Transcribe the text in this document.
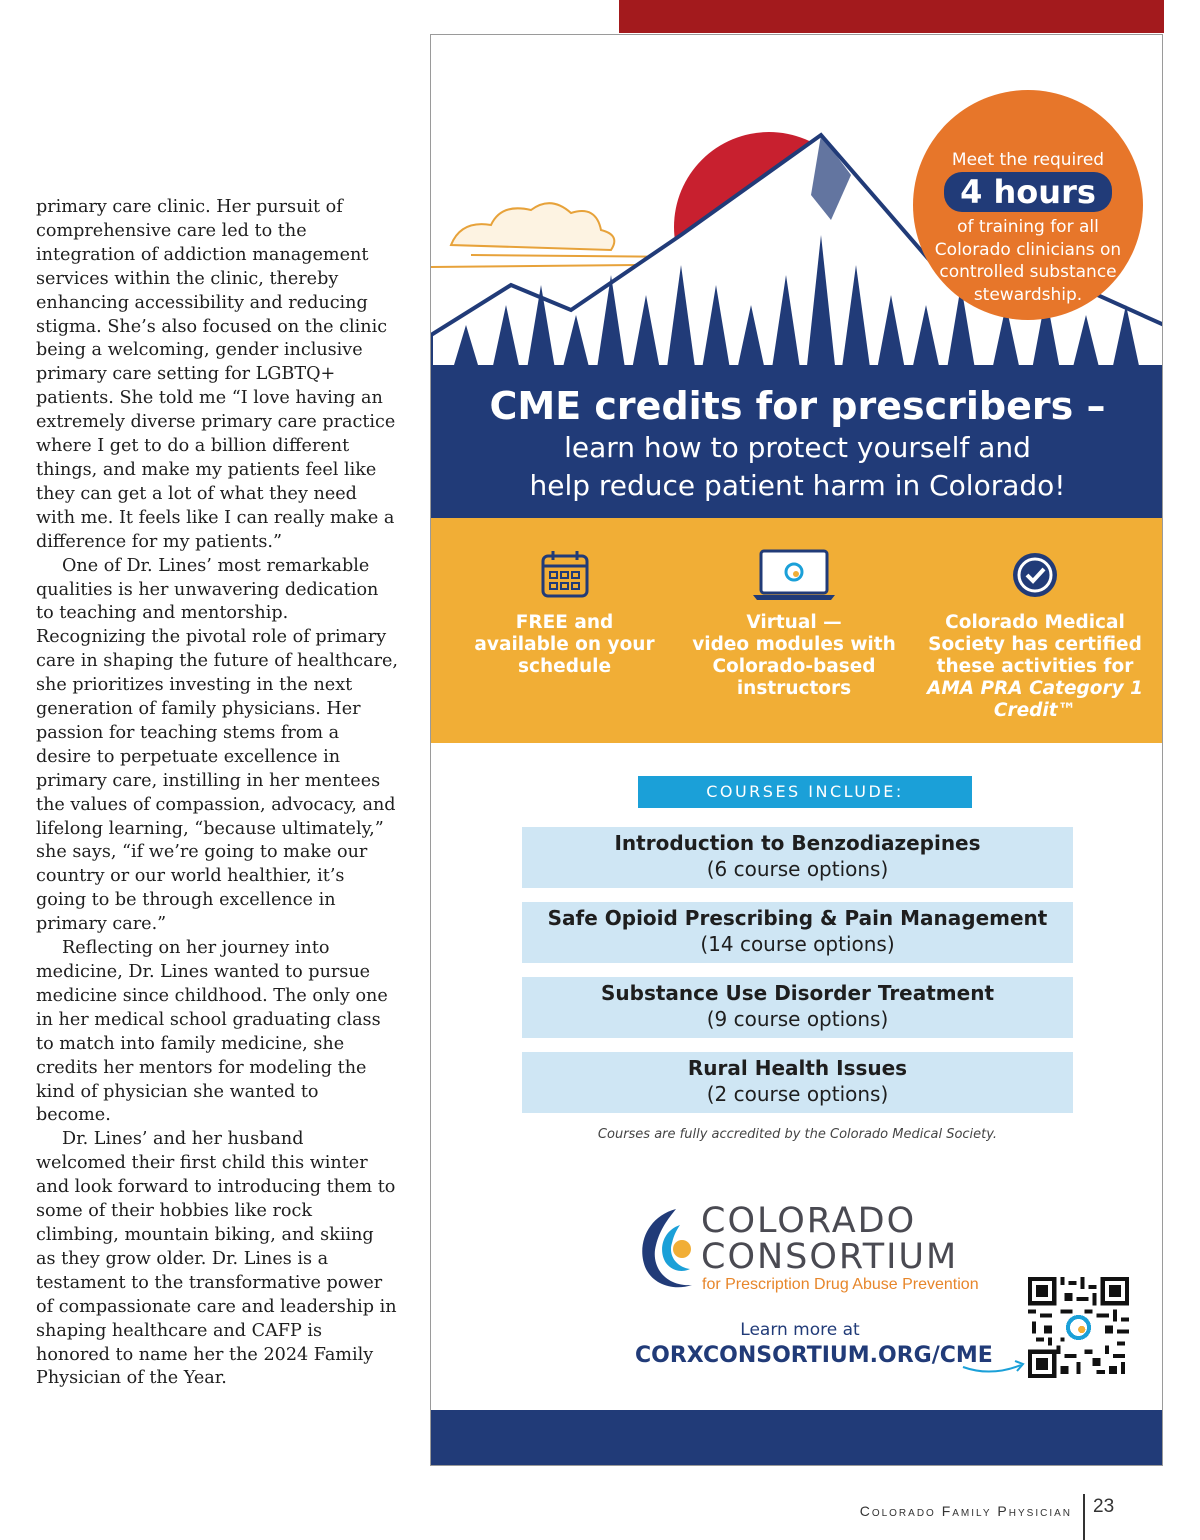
primary care clinic. Her pursuit of comprehensive care led to the integration of addiction management services within the clinic, thereby enhancing accessibility and reducing stigma. She’s also focused on the clinic being a welcoming, gender inclusive primary care setting for LGBTQ+ patients. She told me “I love having an extremely diverse primary care practice where I get to do a billion different things, and make my patients feel like they can get a lot of what they need with me. It feels like I can really make a difference for my patients.”

One of Dr. Lines’ most remarkable qualities is her unwavering dedication to teaching and mentorship. Recognizing the pivotal role of primary care in shaping the future of healthcare, she prioritizes investing in the next generation of family physicians. Her passion for teaching stems from a desire to perpetuate excellence in primary care, instilling in her mentees the values of compassion, advocacy, and lifelong learning, “because ultimately,” she says, “if we’re going to make our country or our world healthier, it’s going to be through excellence in primary care.”

Reflecting on her journey into medicine, Dr. Lines wanted to pursue medicine since childhood. The only one in her medical school graduating class to match into family medicine, she credits her mentors for modeling the kind of physician she wanted to become.

Dr. Lines’ and her husband welcomed their first child this winter and look forward to introducing them to some of their hobbies like rock climbing, mountain biking, and skiing as they grow older. Dr. Lines is a testament to the transformative power of compassionate care and leadership in shaping healthcare and CAFP is honored to name her the 2024 Family Physician of the Year.

Meet the required
4 hours
of training for all Colorado clinicians on controlled substance stewardship.
CME credits for prescribers –
learn how to protect yourself and
help reduce patient harm in Colorado!
FREE and
available on your
schedule
Virtual —
video modules with
Colorado-based
instructors
Colorado Medical
Society has certified
these activities for
AMA PRA Category 1
Credit™
COURSES INCLUDE:
Introduction to Benzodiazepines
(6 course options)
Safe Opioid Prescribing & Pain Management
(14 course options)
Substance Use Disorder Treatment
(9 course options)
Rural Health Issues
(2 course options)
Courses are fully accredited by the Colorado Medical Society.
COLORADO
CONSORTIUM
for Prescription Drug Abuse Prevention
Learn more at
CORXCONSORTIUM.ORG/CME
Colorado Family Physician 23
